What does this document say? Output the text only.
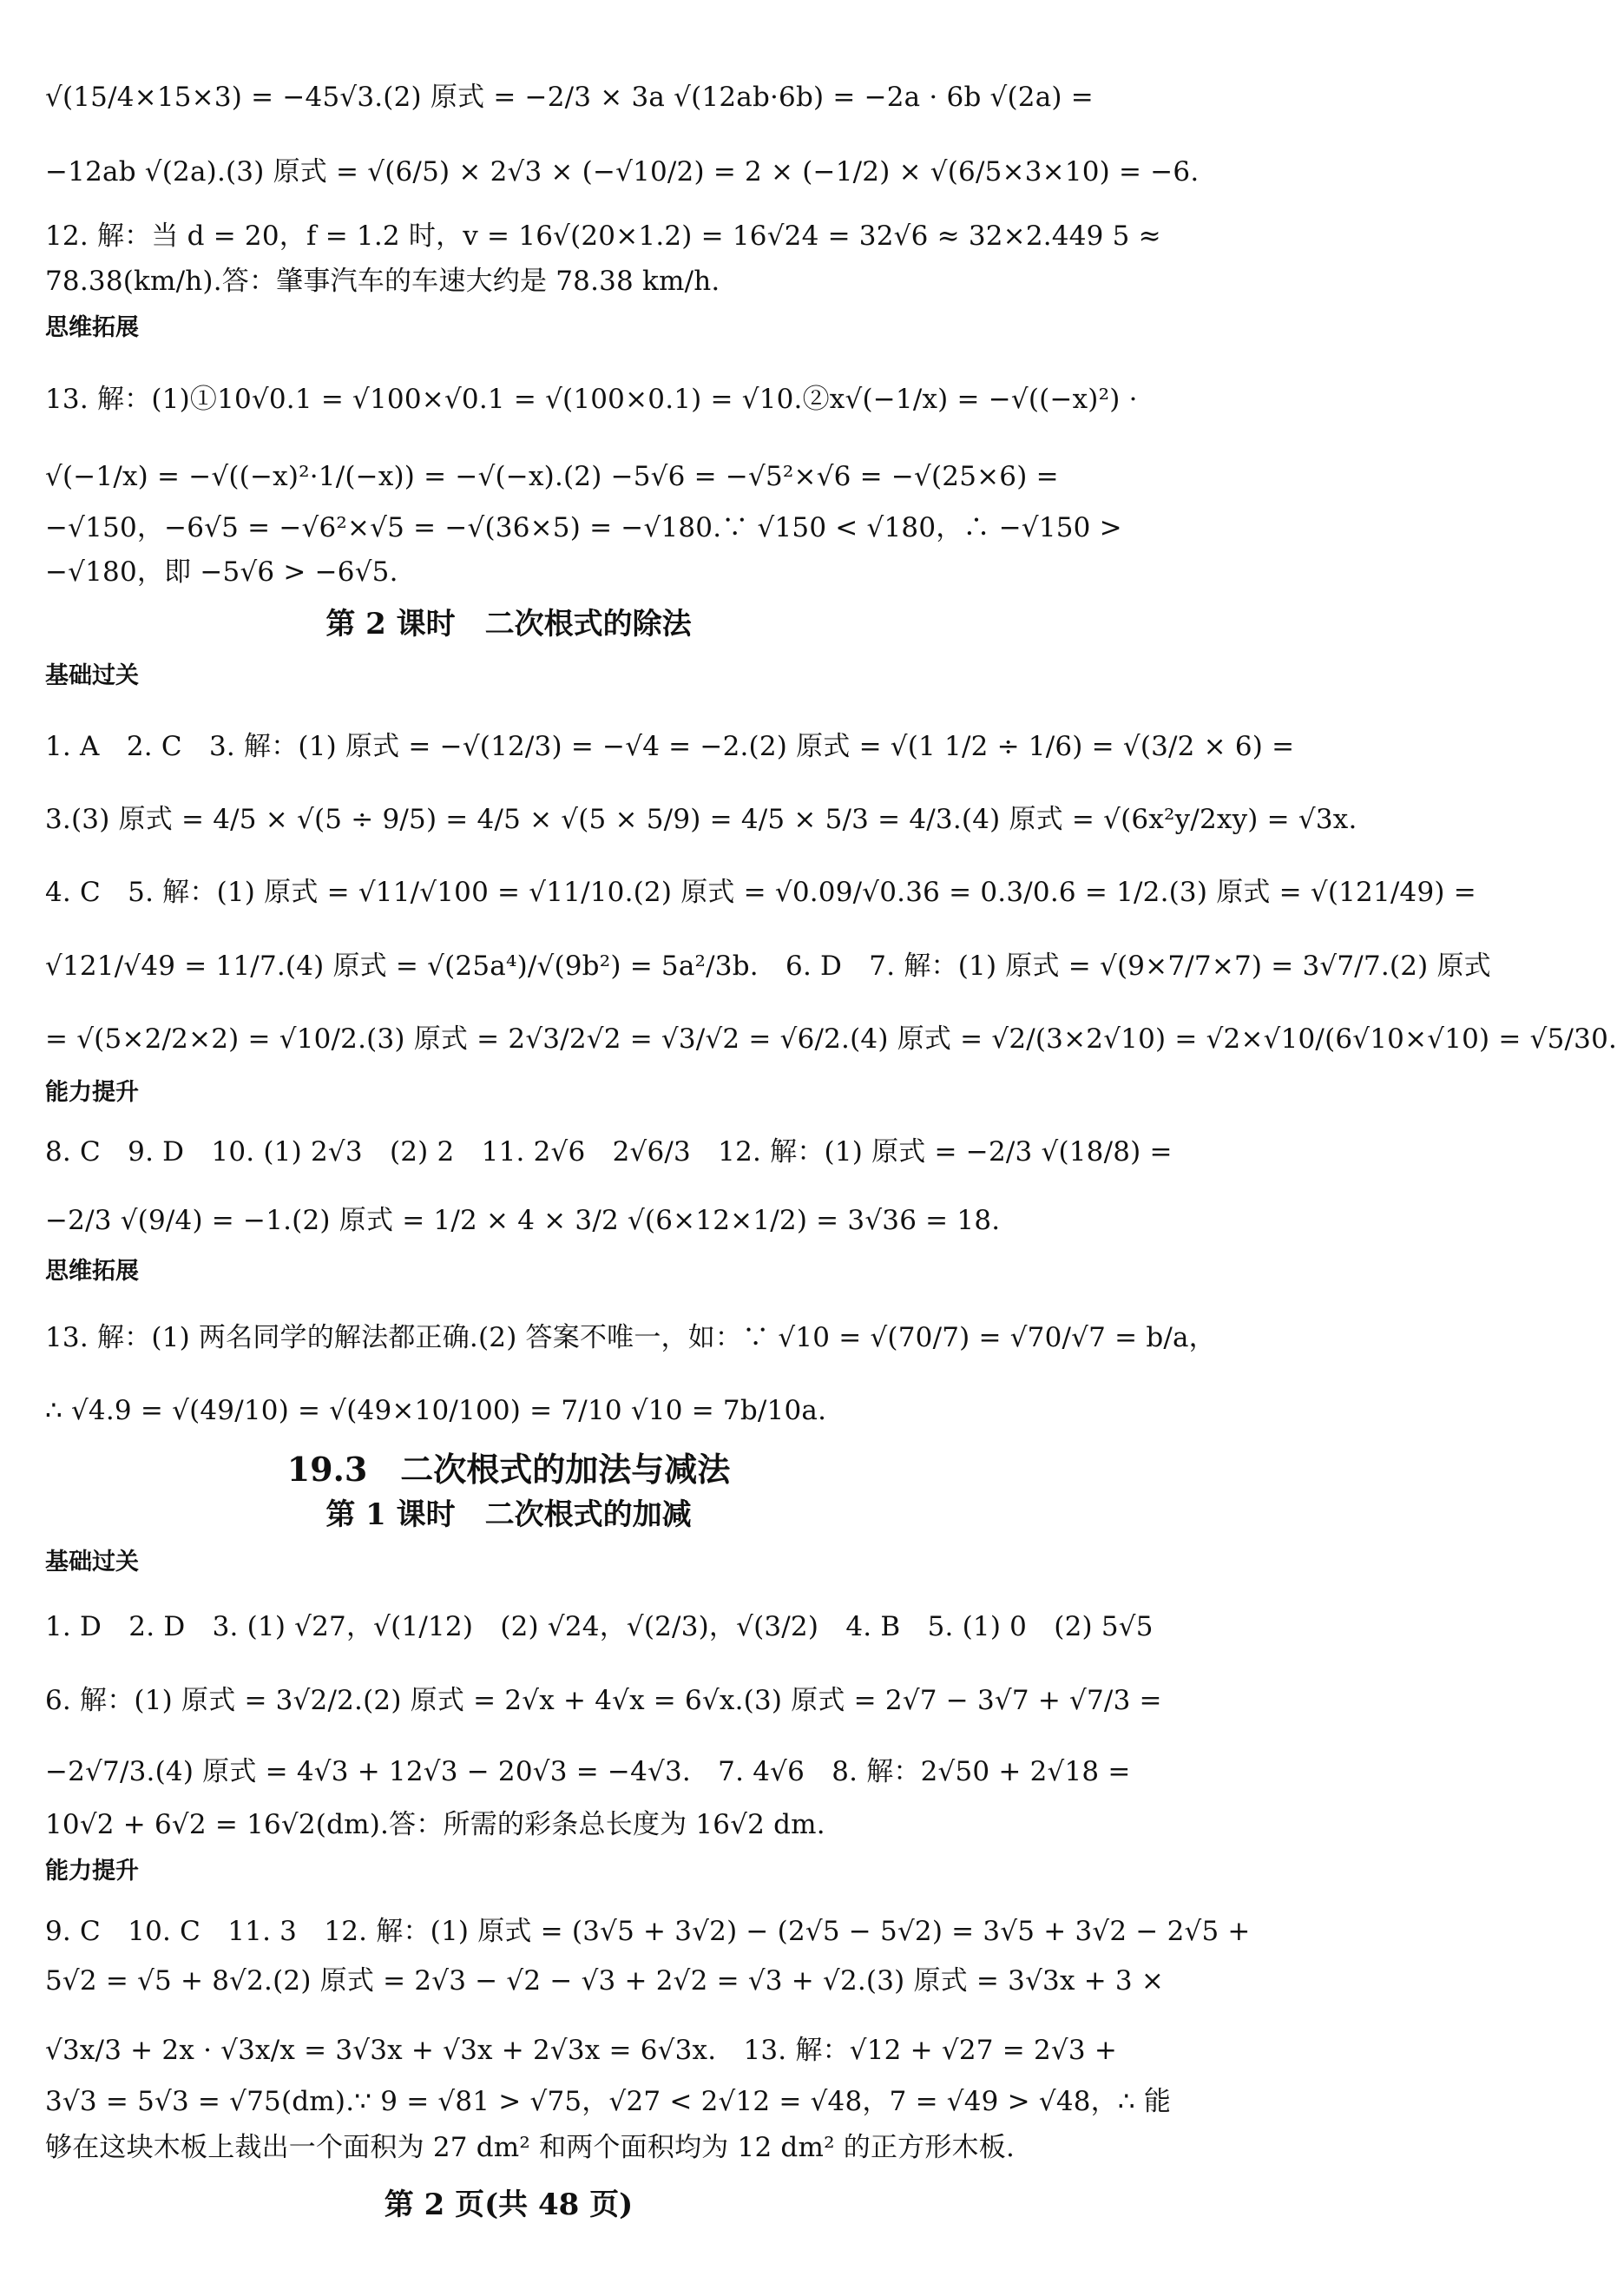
√(15/4×15×3) = −45√3.(2) 原式 = −2/3 × 3a √(12ab·6b) = −2a · 6b √(2a) =

−12ab √(2a).(3) 原式 = √(6/5) × 2√3 × (−√10/2) = 2 × (−1/2) × √(6/5×3×10) = −6.

12. 解：当 d = 20，f = 1.2 时，v = 16√(20×1.2) = 16√24 = 32√6 ≈ 32×2.449 5 ≈

78.38(km/h).答：肇事汽车的车速大约是 78.38 km/h.

思维拓展

13. 解：(1)①10√0.1 = √100×√0.1 = √(100×0.1) = √10.②x√(−1/x) = −√((−x)²) ·

√(−1/x) = −√((−x)²·1/(−x)) = −√(−x).(2) −5√6 = −√5²×√6 = −√(25×6) =

−√150，−6√5 = −√6²×√5 = −√(36×5) = −√180.∵ √150 < √180，∴ −√150 >

−√180，即 −5√6 > −6√5.

第 2 课时　二次根式的除法

基础过关

1. A　2. C　3. 解：(1) 原式 = −√(12/3) = −√4 = −2.(2) 原式 = √(1 1/2 ÷ 1/6) = √(3/2 × 6) =

3.(3) 原式 = 4/5 × √(5 ÷ 9/5) = 4/5 × √(5 × 5/9) = 4/5 × 5/3 = 4/3.(4) 原式 = √(6x²y/2xy) = √3x.

4. C　5. 解：(1) 原式 = √11/√100 = √11/10.(2) 原式 = √0.09/√0.36 = 0.3/0.6 = 1/2.(3) 原式 = √(121/49) =

√121/√49 = 11/7.(4) 原式 = √(25a⁴)/√(9b²) = 5a²/3b.　6. D　7. 解：(1) 原式 = √(9×7/7×7) = 3√7/7.(2) 原式

= √(5×2/2×2) = √10/2.(3) 原式 = 2√3/2√2 = √3/√2 = √6/2.(4) 原式 = √2/(3×2√10) = √2×√10/(6√10×√10) = √5/30.

能力提升

8. C　9. D　10. (1) 2√3　(2) 2　11. 2√6　2√6/3　12. 解：(1) 原式 = −2/3 √(18/8) =

−2/3 √(9/4) = −1.(2) 原式 = 1/2 × 4 × 3/2 √(6×12×1/2) = 3√36 = 18.

思维拓展

13. 解：(1) 两名同学的解法都正确.(2) 答案不唯一，如：∵ √10 = √(70/7) = √70/√7 = b/a，

∴ √4.9 = √(49/10) = √(49×10/100) = 7/10 √10 = 7b/10a.

19.3　二次根式的加法与减法

第 1 课时　二次根式的加减

基础过关

1. D　2. D　3. (1) √27，√(1/12)　(2) √24，√(2/3)，√(3/2)　4. B　5. (1) 0　(2) 5√5

6. 解：(1) 原式 = 3√2/2.(2) 原式 = 2√x + 4√x = 6√x.(3) 原式 = 2√7 − 3√7 + √7/3 =

−2√7/3.(4) 原式 = 4√3 + 12√3 − 20√3 = −4√3.　7. 4√6　8. 解：2√50 + 2√18 =

10√2 + 6√2 = 16√2(dm).答：所需的彩条总长度为 16√2 dm.

能力提升

9. C　10. C　11. 3　12. 解：(1) 原式 = (3√5 + 3√2) − (2√5 − 5√2) = 3√5 + 3√2 − 2√5 +

5√2 = √5 + 8√2.(2) 原式 = 2√3 − √2 − √3 + 2√2 = √3 + √2.(3) 原式 = 3√3x + 3 ×

√3x/3 + 2x · √3x/x = 3√3x + √3x + 2√3x = 6√3x.　13. 解：√12 + √27 = 2√3 +

3√3 = 5√3 = √75(dm).∵ 9 = √81 > √75，√27 < 2√12 = √48，7 = √49 > √48，∴ 能

够在这块木板上裁出一个面积为 27 dm² 和两个面积均为 12 dm² 的正方形木板.

第 2 页(共 48 页)
